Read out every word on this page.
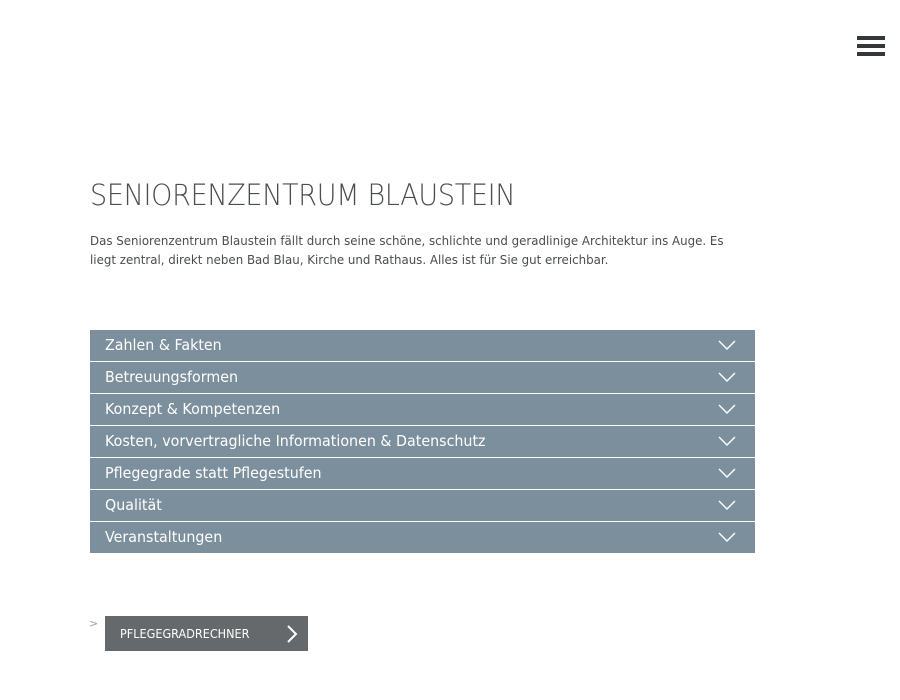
SENIORENZENTRUM BLAUSTEIN

Das Seniorenzentrum Blaustein fällt durch seine schöne, schlichte und geradlinige Architektur ins Auge. Es liegt zentral, direkt neben Bad Blau, Kirche und Rathaus. Alles ist für Sie gut erreichbar.

Zahlen & Fakten
Betreuungsformen
Konzept & Kompetenzen
Kosten, vorvertragliche Informationen & Datenschutz
Pflegegrade statt Pflegestufen
Qualität
Veranstaltungen
>
PFLEGEGRADRECHNER
